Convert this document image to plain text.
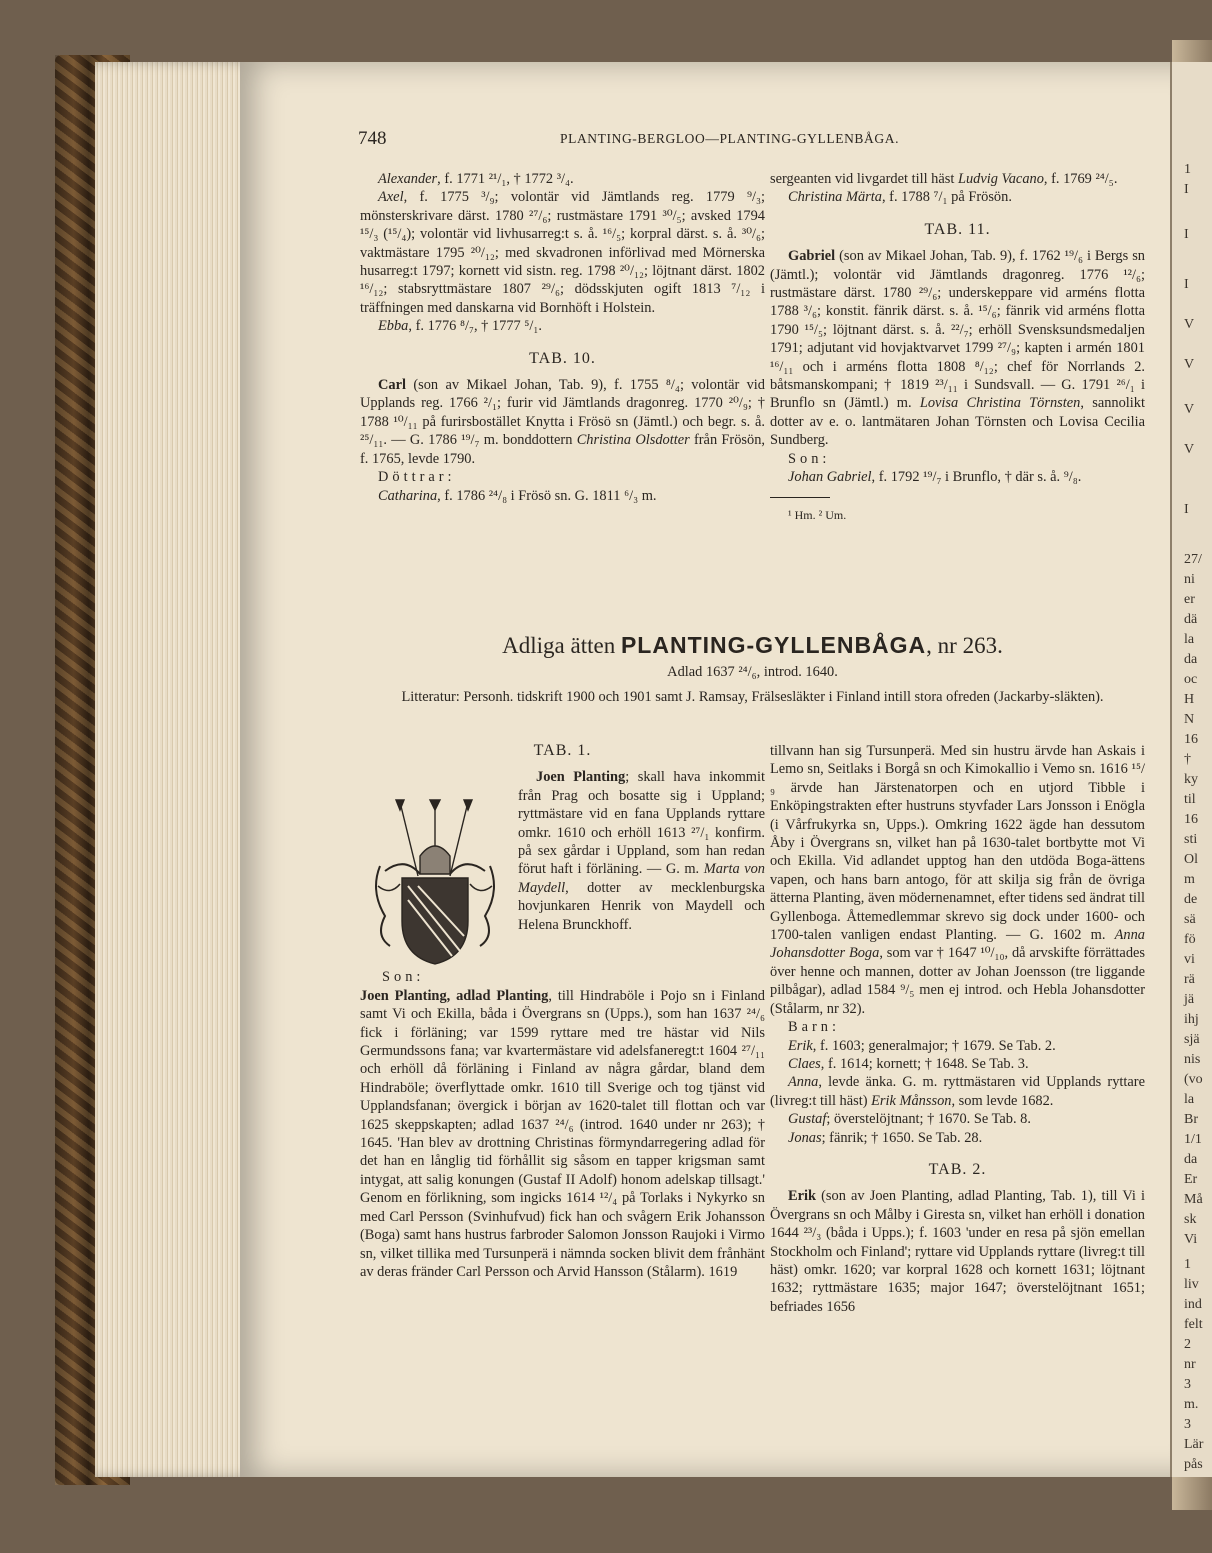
1
I
I
I
V
V
V
V
I
27/
ni
er
dä
la
da
oc
H
N
16
†
ky
til
16
sti
Ol
m
de
sä
fö
vi
rä
jä
ihj
sjä
nis
(vo
la
Br
1/1
da
Er
Må
sk
Vi
1
liv
ind
felt
2
nr
3
m.
3
Lär
pås
748	PLANTING-BERGLOO—PLANTING-GYLLENBÅGA.

Alexander, f. 1771 ²¹/₁, † 1772 ³/₄.

Axel, f. 1775 ³/₉; volontär vid Jämtlands reg. 1779 ⁹/₃; mönsterskrivare därst. 1780 ²⁷/₆; rustmästare 1791 ³⁰/₅; avsked 1794 ¹⁵/₃ (¹⁵/₄); volontär vid livhusarreg:t s. å. ¹⁶/₅; korpral därst. s. å. ³⁰/₆; vaktmästare 1795 ²⁰/₁₂; med skvadronen införlivad med Mörnerska husarreg:t 1797; kornett vid sistn. reg. 1798 ²⁰/₁₂; löjtnant därst. 1802 ¹⁶/₁₂; stabsryttmästare 1807 ²⁹/₆; dödsskjuten ogift 1813 ⁷/₁₂ i träffningen med danskarna vid Bornhöft i Holstein.

Ebba, f. 1776 ⁸/₇, † 1777 ⁵/₁.

TAB. 10.

Carl (son av Mikael Johan, Tab. 9), f. 1755 ⁸/₄; volontär vid Upplands reg. 1766 ²/₁; furir vid Jämtlands dragonreg. 1770 ²⁰/₉; † 1788 ¹⁰/₁₁ på furirsbostället Knytta i Frösö sn (Jämtl.) och begr. s. å. ²⁵/₁₁. — G. 1786 ¹⁹/₇ m. bonddottern Christina Olsdotter från Frösön, f. 1765, levde 1790.

Döttrar:

Catharina, f. 1786 ²⁴/₈ i Frösö sn. G. 1811 ⁶/₃ m.

sergeanten vid livgardet till häst Ludvig Vacano, f. 1769 ²⁴/₅.

Christina Märta, f. 1788 ⁷/₁ på Frösön.

TAB. 11.

Gabriel (son av Mikael Johan, Tab. 9), f. 1762 ¹⁹/₆ i Bergs sn (Jämtl.); volontär vid Jämtlands dragonreg. 1776 ¹²/₆; rustmästare därst. 1780 ²⁹/₆; underskeppare vid arméns flotta 1788 ³/₆; konstit. fänrik därst. s. å. ¹⁵/₆; fänrik vid arméns flotta 1790 ¹⁵/₅; löjtnant därst. s. å. ²²/₇; erhöll Svensksundsmedaljen 1791; adjutant vid hovjaktvarvet 1799 ²⁷/₉; kapten i armén 1801 ¹⁶/₁₁ och i arméns flotta 1808 ⁸/₁₂; chef för Norrlands 2. båtsmanskompani; † 1819 ²³/₁₁ i Sundsvall. — G. 1791 ²⁶/₁ i Brunflo sn (Jämtl.) m. Lovisa Christina Törnsten, sannolikt dotter av e. o. lantmätaren Johan Törnsten och Lovisa Cecilia Sundberg.

Son:

Johan Gabriel, f. 1792 ¹⁹/₇ i Brunflo, † där s. å. ⁹/₈.

¹ Hm. ² Um.

Adliga ätten PLANTING-GYLLENBÅGA, nr 263.
Adlad 1637 ²⁴/₆, introd. 1640.
Litteratur: Personh. tidskrift 1900 och 1901 samt J. Ramsay, Frälsesläkter i Finland intill stora ofreden (Jackarby-släkten).
TAB. 1.

Joen Planting; skall hava inkommit från Prag och bosatte sig i Uppland; ryttmästare vid en fana Upplands ryttare omkr. 1610 och erhöll 1613 ²⁷/₁ konfirm. på sex gårdar i Uppland, som han redan förut haft i förläning. — G. m. Marta von Maydell, dotter av mecklenburgska hovjunkaren Henrik von Maydell och Helena Brunckhoff.

Son:

Joen Planting, adlad Planting, till Hindraböle i Pojo sn i Finland samt Vi och Ekilla, båda i Övergrans sn (Upps.), som han 1637 ²⁴/₆ fick i förläning; var 1599 ryttare med tre hästar vid Nils Germundssons fana; var kvartermästare vid adelsfaneregt:t 1604 ²⁷/₁₁ och erhöll då förläning i Finland av några gårdar, bland dem Hindraböle; överflyttade omkr. 1610 till Sverige och tog tjänst vid Upplandsfanan; övergick i början av 1620-talet till flottan och var 1625 skeppskapten; adlad 1637 ²⁴/₆ (introd. 1640 under nr 263); † 1645. 'Han blev av drottning Christinas förmyndarregering adlad för det han en långlig tid förhållit sig såsom en tapper krigsman samt intygat, att salig konungen (Gustaf II Adolf) honom adelskap tillsagt.' Genom en förlikning, som ingicks 1614 ¹²/₄ på Torlaks i Nykyrko sn med Carl Persson (Svinhufvud) fick han och svågern Erik Johansson (Boga) samt hans hustrus farbroder Salomon Jonsson Raujoki i Virmo sn, vilket tillika med Tursunperä i nämnda socken blivit dem frånhänt av deras fränder Carl Persson och Arvid Hansson (Stålarm). 1619

tillvann han sig Tursunperä. Med sin hustru ärvde han Askais i Lemo sn, Seitlaks i Borgå sn och Kimokallio i Vemo sn. 1616 ¹⁵/₉ ärvde han Järstenatorpen och en utjord Tibble i Enköpingstrakten efter hustruns styvfader Lars Jonsson i Enögla (i Vårfrukyrka sn, Upps.). Omkring 1622 ägde han dessutom Åby i Övergrans sn, vilket han på 1630-talet bortbytte mot Vi och Ekilla. Vid adlandet upptog han den utdöda Boga-ättens vapen, och hans barn antogo, för att skilja sig från de övriga ätterna Planting, även mödernenamnet, efter tidens sed ändrat till Gyllenboga. Åttemedlemmar skrevo sig dock under 1600- och 1700-talen vanligen endast Planting. — G. 1602 m. Anna Johansdotter Boga, som var † 1647 ¹⁰/₁₀, då arvskifte förrättades över henne och mannen, dotter av Johan Joensson (tre liggande pilbågar), adlad 1584 ⁹/₅ men ej introd. och Hebla Johansdotter (Stålarm, nr 32).

Barn:

Erik, f. 1603; generalmajor; † 1679. Se Tab. 2.

Claes, f. 1614; kornett; † 1648. Se Tab. 3.

Anna, levde änka. G. m. ryttmästaren vid Upplands ryttare (livreg:t till häst) Erik Månsson, som levde 1682.

Gustaf; överstelöjtnant; † 1670. Se Tab. 8.

Jonas; fänrik; † 1650. Se Tab. 28.

TAB. 2.

Erik (son av Joen Planting, adlad Planting, Tab. 1), till Vi i Övergrans sn och Målby i Giresta sn, vilket han erhöll i donation 1644 ²³/₃ (båda i Upps.); f. 1603 'under en resa på sjön emellan Stockholm och Finland'; ryttare vid Upplands ryttare (livreg:t till häst) omkr. 1620; var korpral 1628 och kornett 1631; löjtnant 1632; ryttmästare 1635; major 1647; överstelöjtnant 1651; befriades 1656
